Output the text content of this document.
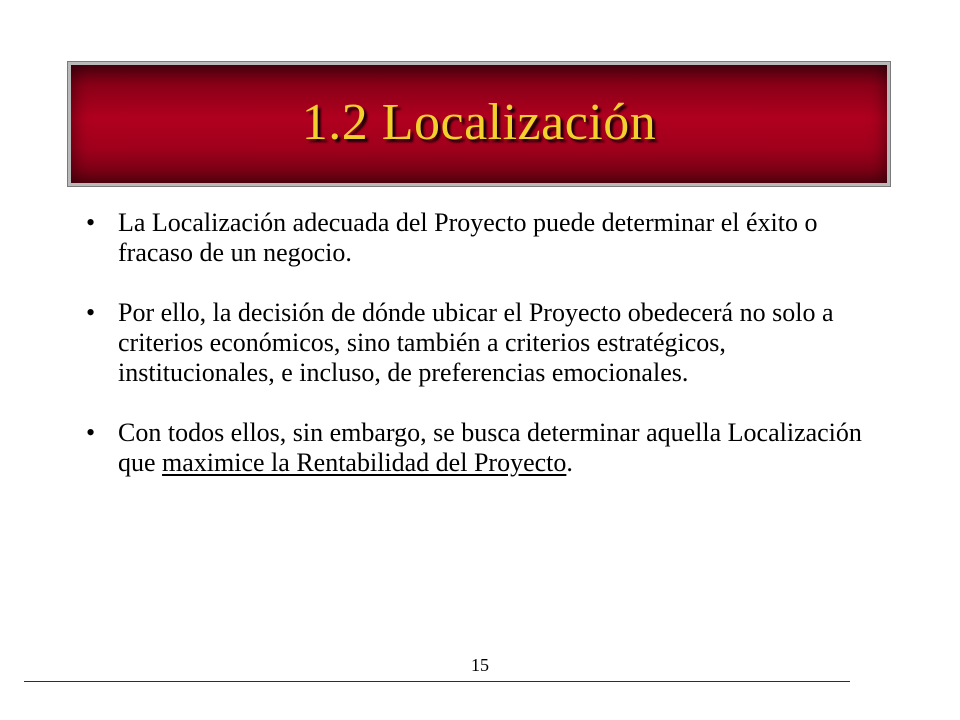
1.2 Localización
• La Localización adecuada del Proyecto puede determinar el éxito o fracaso de un negocio.
• Por ello, la decisión de dónde ubicar el Proyecto obedecerá no solo a criterios económicos, sino también a criterios estratégicos, institucionales, e incluso, de preferencias emocionales.
• Con todos ellos, sin embargo, se busca determinar aquella Localización que maximice la Rentabilidad del Proyecto.
15
